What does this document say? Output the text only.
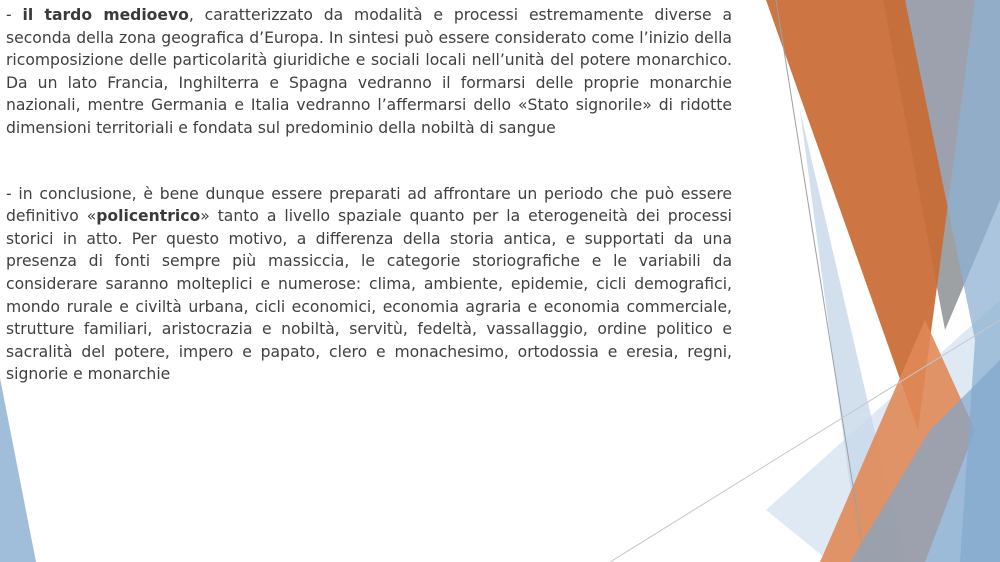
- il tardo medioevo, caratterizzato da modalità e processi estremamente diverse a seconda della zona geografica d’Europa. In sintesi può essere considerato come l’inizio della ricomposizione delle particolarità giuridiche e sociali locali nell’unità del potere monarchico. Da un lato Francia, Inghilterra e Spagna vedranno il formarsi delle proprie monarchie nazionali, mentre Germania e Italia vedranno l’affermarsi dello «Stato signorile» di ridotte dimensioni territoriali e fondata sul predominio della nobiltà di sangue

- in conclusione, è bene dunque essere preparati ad affrontare un periodo che può essere definitivo «policentrico» tanto a livello spaziale quanto per la eterogeneità dei processi storici in atto. Per questo motivo, a differenza della storia antica, e supportati da una presenza di fonti sempre più massiccia, le categorie storiografiche e le variabili da considerare saranno molteplici e numerose: clima, ambiente, epidemie, cicli demografici, mondo rurale e civiltà urbana, cicli economici, economia agraria e economia commerciale, strutture familiari, aristocrazia e nobiltà, servitù, fedeltà, vassallaggio, ordine politico e sacralità del potere, impero e papato, clero e monachesimo, ortodossia e eresia, regni, signorie e monarchie
